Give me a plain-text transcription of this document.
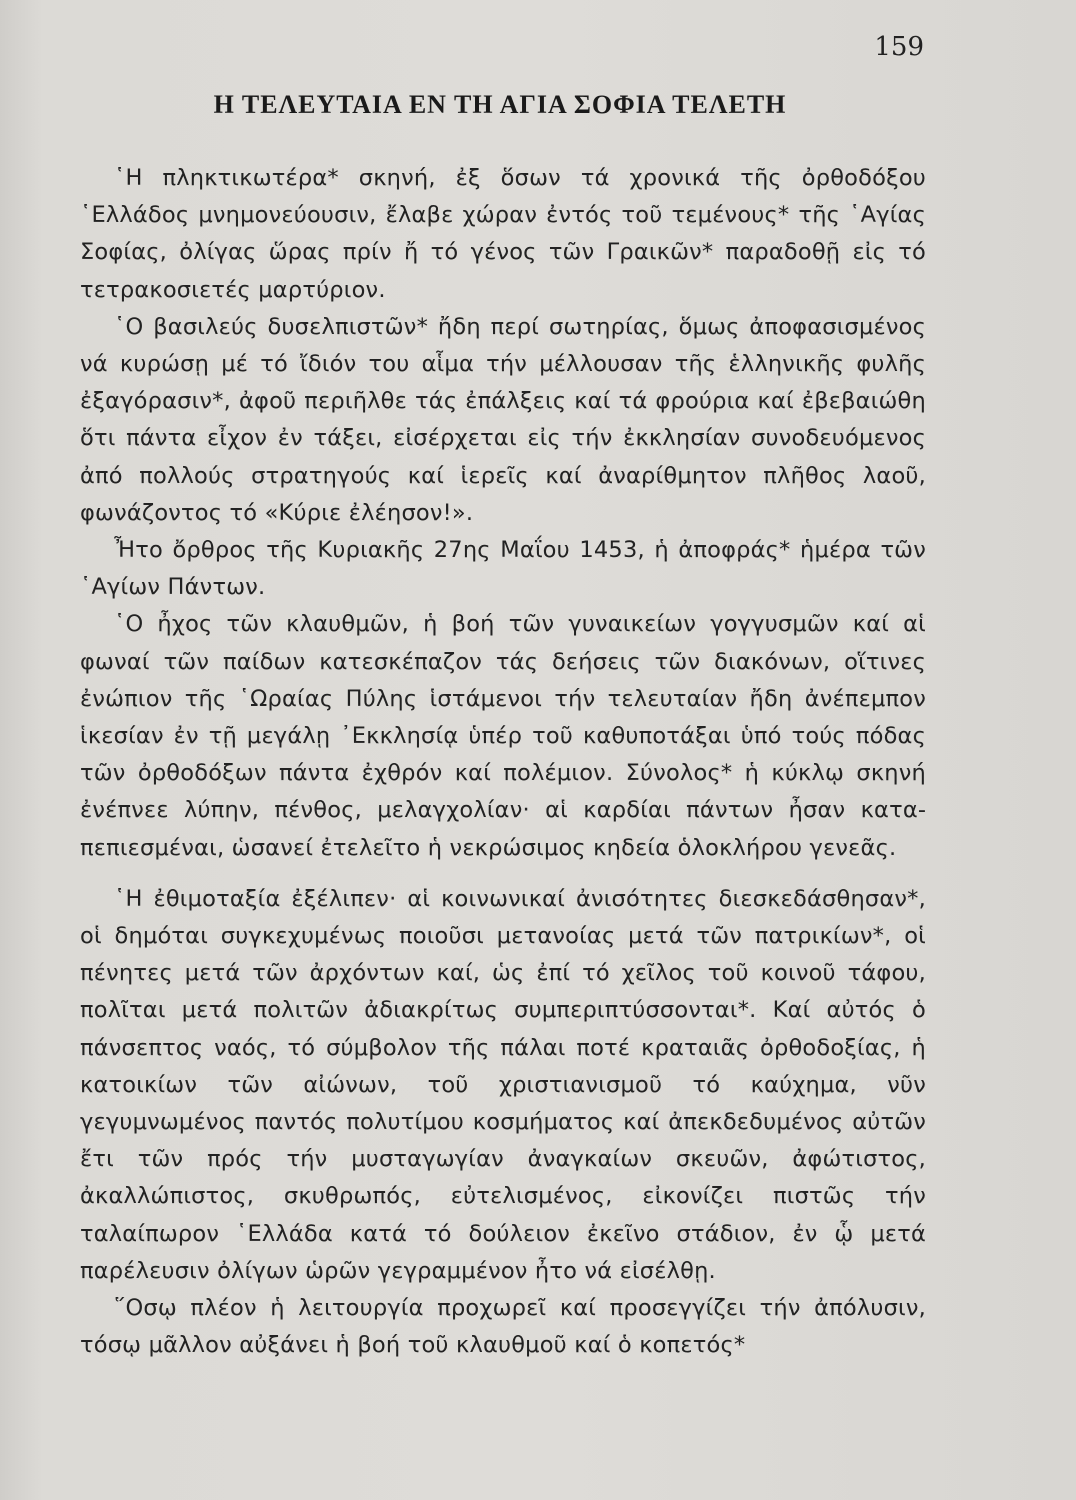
159
Η ΤΕΛΕΥΤΑΙΑ ΕΝ ΤΗ ΑΓΙΑ ΣΟΦΙΑ ΤΕΛΕΤΗ

῾Η πληκτικωτέρα* σκηνή, ἐξ ὅσων τά χρονικά τῆς ὀρθοδόξου ῾Ελλάδος μνημονεύουσιν, ἔλαβε χώραν ἐντός τοῦ τεμένους* τῆς ῾Αγίας Σοφίας, ὀλίγας ὥρας πρίν ἤ τό γένος τῶν Γραικῶν* παραδοθῇ εἰς τό τετρακοσιετές μαρτύριον.

῾Ο βασιλεύς δυσελπιστῶν* ἤδη περί σωτηρίας, ὅμως ἀποφασισμένος νά κυρώσῃ μέ τό ἴδιόν του αἷμα τήν μέλλουσαν τῆς ἑλληνικῆς φυλῆς ἐξαγόρασιν*, ἀφοῦ περιῆλθε τάς ἐπάλξεις καί τά φρούρια καί ἐβεβαιώθη ὅτι πάντα εἶχον ἐν τάξει, εἰσέρχεται εἰς τήν ἐκκλησίαν συνοδευόμενος ἀπό πολλούς στρατηγούς καί ἱερεῖς καί ἀναρίθμητον πλῆθος λαοῦ, φωνάζοντος τό «Κύριε ἐλέησον!».

Ἦτο ὄρθρος τῆς Κυριακῆς 27ης Μαΐου 1453, ἡ ἀποφράς* ἡμέρα τῶν ῾Αγίων Πάντων.

῾Ο ἦχος τῶν κλαυθμῶν, ἡ βοή τῶν γυναικείων γογγυσμῶν καί αἱ φωναί τῶν παίδων κατεσκέπαζον τάς δεήσεις τῶν διακόνων, οἵτινες ἐνώπιον τῆς ῾Ωραίας Πύλης ἱστάμενοι τήν τελευταίαν ἤδη ἀνέπεμπον ἱκεσίαν ἐν τῇ μεγάλῃ ᾿Εκκλησίᾳ ὑπέρ τοῦ καθυποτάξαι ὑπό τούς πόδας τῶν ὀρθοδόξων πάντα ἐχθρόν καί πολέμιον. Σύνολος* ἡ κύκλῳ σκηνή ἐνέπνεε λύπην, πένθος, μελαγχολίαν· αἱ καρδίαι πάντων ἦσαν καταπεπιεσμέναι, ὡσανεί ἐτελεῖτο ἡ νεκρώσιμος κηδεία ὁλοκλήρου γενεᾶς.

῾Η ἐθιμοταξία ἐξέλιπεν· αἱ κοινωνικαί ἀνισότητες διεσκεδάσθησαν*, οἱ δημόται συγκεχυμένως ποιοῦσι μετανοίας μετά τῶν πατρικίων*, οἱ πένητες μετά τῶν ἀρχόντων καί, ὡς ἐπί τό χεῖλος τοῦ κοινοῦ τάφου, πολῖται μετά πολιτῶν ἀδιακρίτως συμπεριπτύσσονται*. Καί αὐτός ὁ πάνσεπτος ναός, τό σύμβολον τῆς πάλαι ποτέ κραταιᾶς ὀρθοδοξίας, ἡ κατοικίων τῶν αἰώνων, τοῦ χριστιανισμοῦ τό καύχημα, νῦν γεγυμνωμένος παντός πολυτίμου κοσμήματος καί ἀπεκδεδυμένος αὐτῶν ἔτι τῶν πρός τήν μυσταγωγίαν ἀναγκαίων σκευῶν, ἀφώτιστος, ἀκαλλώπιστος, σκυθρωπός, εὐτελισμένος, εἰκονίζει πιστῶς τήν ταλαίπωρον ῾Ελλάδα κατά τό δούλειον ἐκεῖνο στάδιον, ἐν ᾧ μετά παρέλευσιν ὀλίγων ὡρῶν γεγραμμένον ἦτο νά εἰσέλθῃ.

῞Οσῳ πλέον ἡ λειτουργία προχωρεῖ καί προσεγγίζει τήν ἀπόλυσιν, τόσῳ μᾶλλον αὐξάνει ἡ βοή τοῦ κλαυθμοῦ καί ὁ κοπετός*
